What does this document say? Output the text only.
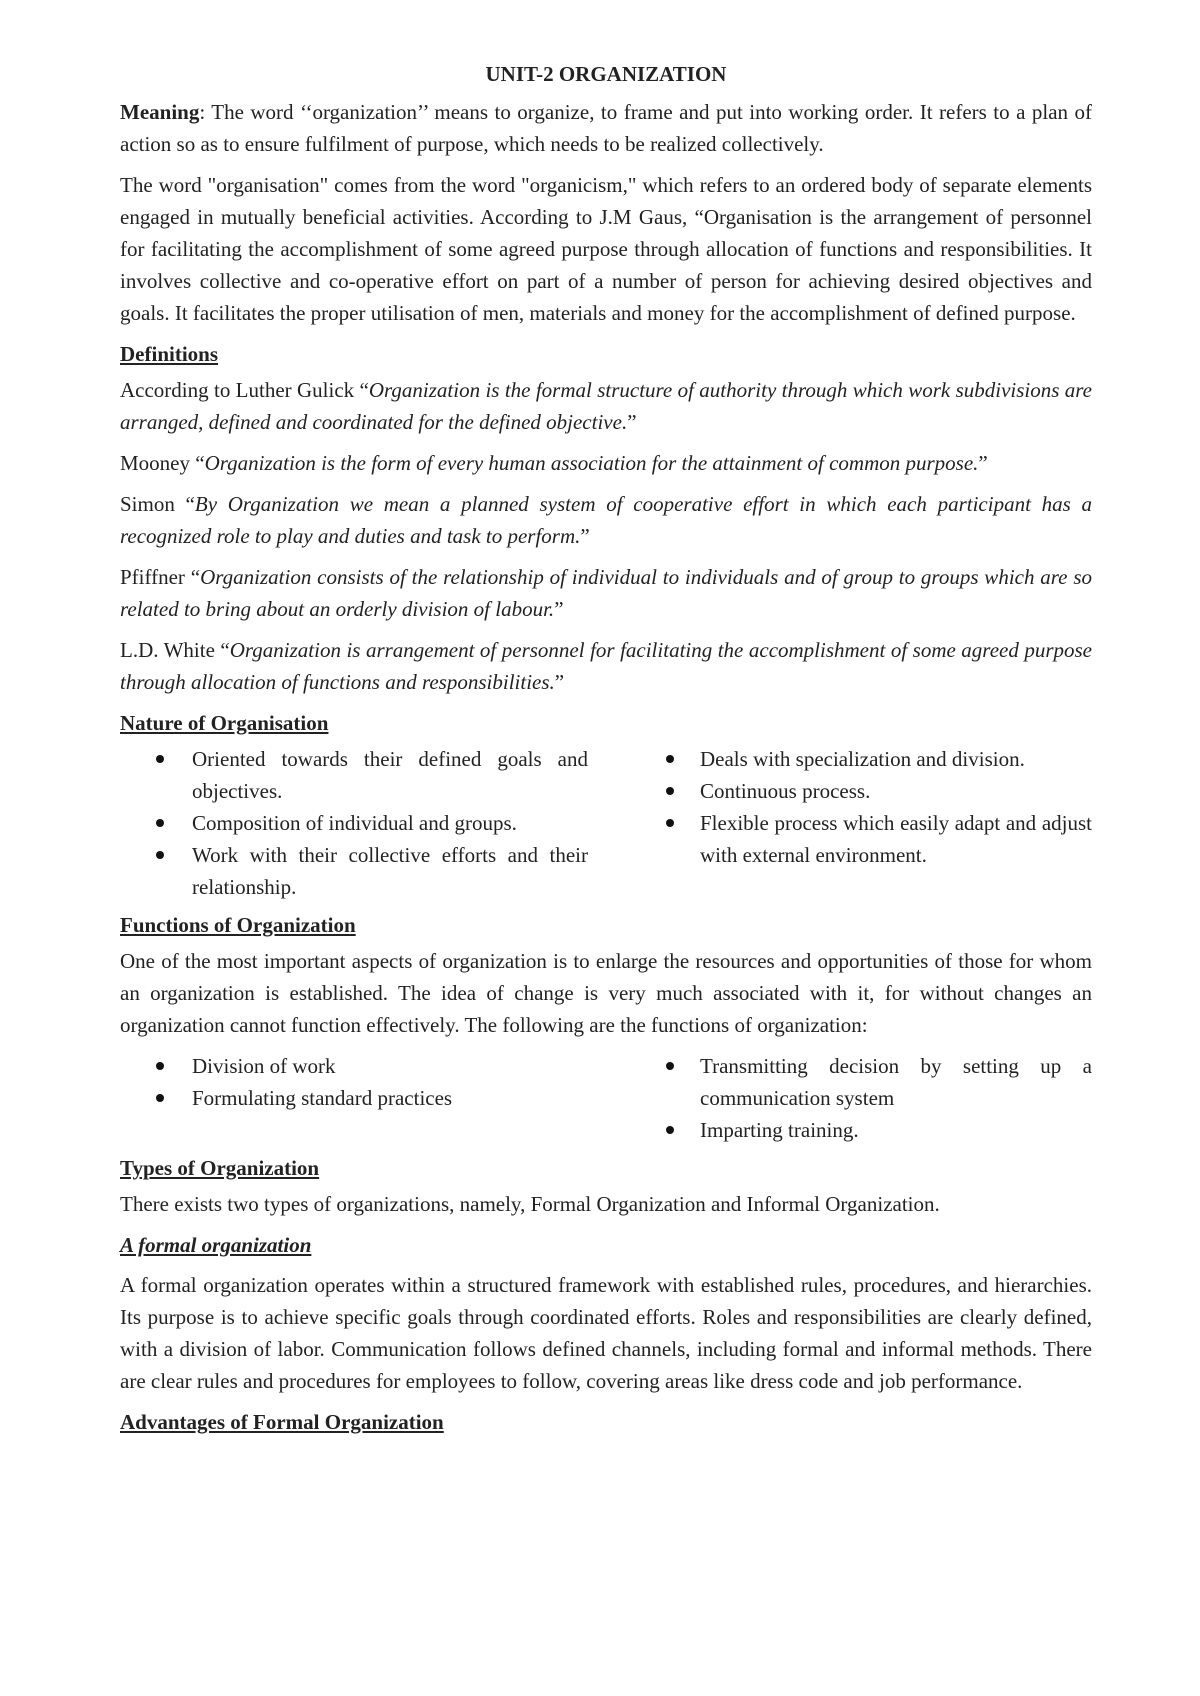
UNIT-2 ORGANIZATION

Meaning: The word ‘‘organization’’ means to organize, to frame and put into working order. It refers to a plan of action so as to ensure fulfilment of purpose, which needs to be realized collectively.

The word "organisation" comes from the word "organicism," which refers to an ordered body of separate elements engaged in mutually beneficial activities. According to J.M Gaus, “Organisation is the arrangement of personnel for facilitating the accomplishment of some agreed purpose through allocation of functions and responsibilities. It involves collective and co-operative effort on part of a number of person for achieving desired objectives and goals. It facilitates the proper utilisation of men, materials and money for the accomplishment of defined purpose.

Definitions

According to Luther Gulick “Organization is the formal structure of authority through which work subdivisions are arranged, defined and coordinated for the defined objective.”

Mooney “Organization is the form of every human association for the attainment of common purpose.”

Simon “By Organization we mean a planned system of cooperative effort in which each participant has a recognized role to play and duties and task to perform.”

Pfiffner “Organization consists of the relationship of individual to individuals and of group to groups which are so related to bring about an orderly division of labour.”

L.D. White “Organization is arrangement of personnel for facilitating the accomplishment of some agreed purpose through allocation of functions and responsibilities.”

Nature of Organisation

Oriented towards their defined goals and objectives.
Composition of individual and groups.
Work with their collective efforts and their relationship.
Deals with specialization and division.
Continuous process.
Flexible process which easily adapt and adjust with external environment.

Functions of Organization

One of the most important aspects of organization is to enlarge the resources and opportunities of those for whom an organization is established. The idea of change is very much associated with it, for without changes an organization cannot function effectively. The following are the functions of organization:

Division of work
Formulating standard practices
Transmitting decision by setting up a communication system
Imparting training.

Types of Organization

There exists two types of organizations, namely, Formal Organization and Informal Organization.

A formal organization

A formal organization operates within a structured framework with established rules, procedures, and hierarchies. Its purpose is to achieve specific goals through coordinated efforts. Roles and responsibilities are clearly defined, with a division of labor. Communication follows defined channels, including formal and informal methods. There are clear rules and procedures for employees to follow, covering areas like dress code and job performance.

Advantages of Formal Organization
